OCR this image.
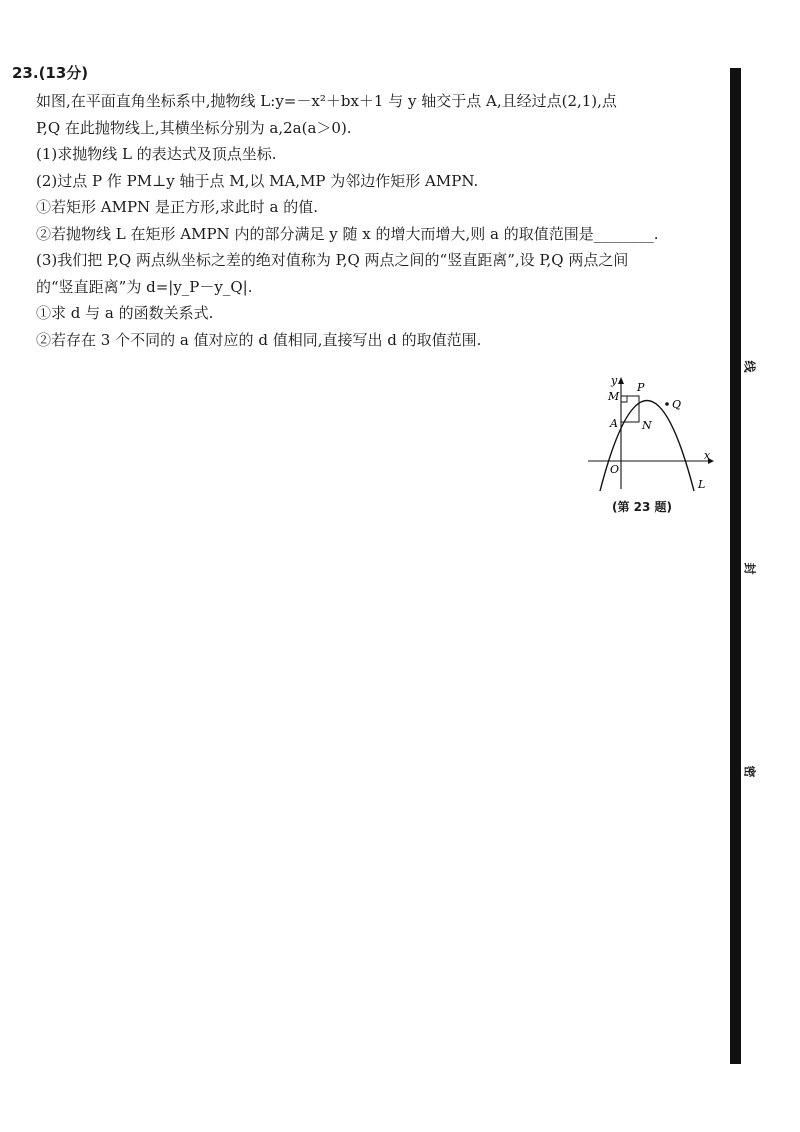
23.(13分)
如图,在平面直角坐标系中,抛物线 L:y=－x²＋bx＋1 与 y 轴交于点 A,且经过点(2,1),点
P,Q 在此抛物线上,其横坐标分别为 a,2a(a＞0).
(1)求抛物线 L 的表达式及顶点坐标.
(2)过点 P 作 PM⊥y 轴于点 M,以 MA,MP 为邻边作矩形 AMPN.
①若矩形 AMPN 是正方形,求此时 a 的值.
②若抛物线 L 在矩形 AMPN 内的部分满足 y 随 x 的增大而增大,则 a 的取值范围是________.
(3)我们把 P,Q 两点纵坐标之差的绝对值称为 P,Q 两点之间的“竖直距离”,设 P,Q 两点之间
的“竖直距离”为 d=|y_P－y_Q|.
①求 d 与 a 的函数关系式.
②若存在 3 个不同的 a 值对应的 d 值相同,直接写出 d 的取值范围.
y
x
O
M
P
Q
A N
L
(第 23 题)
线
封
密
